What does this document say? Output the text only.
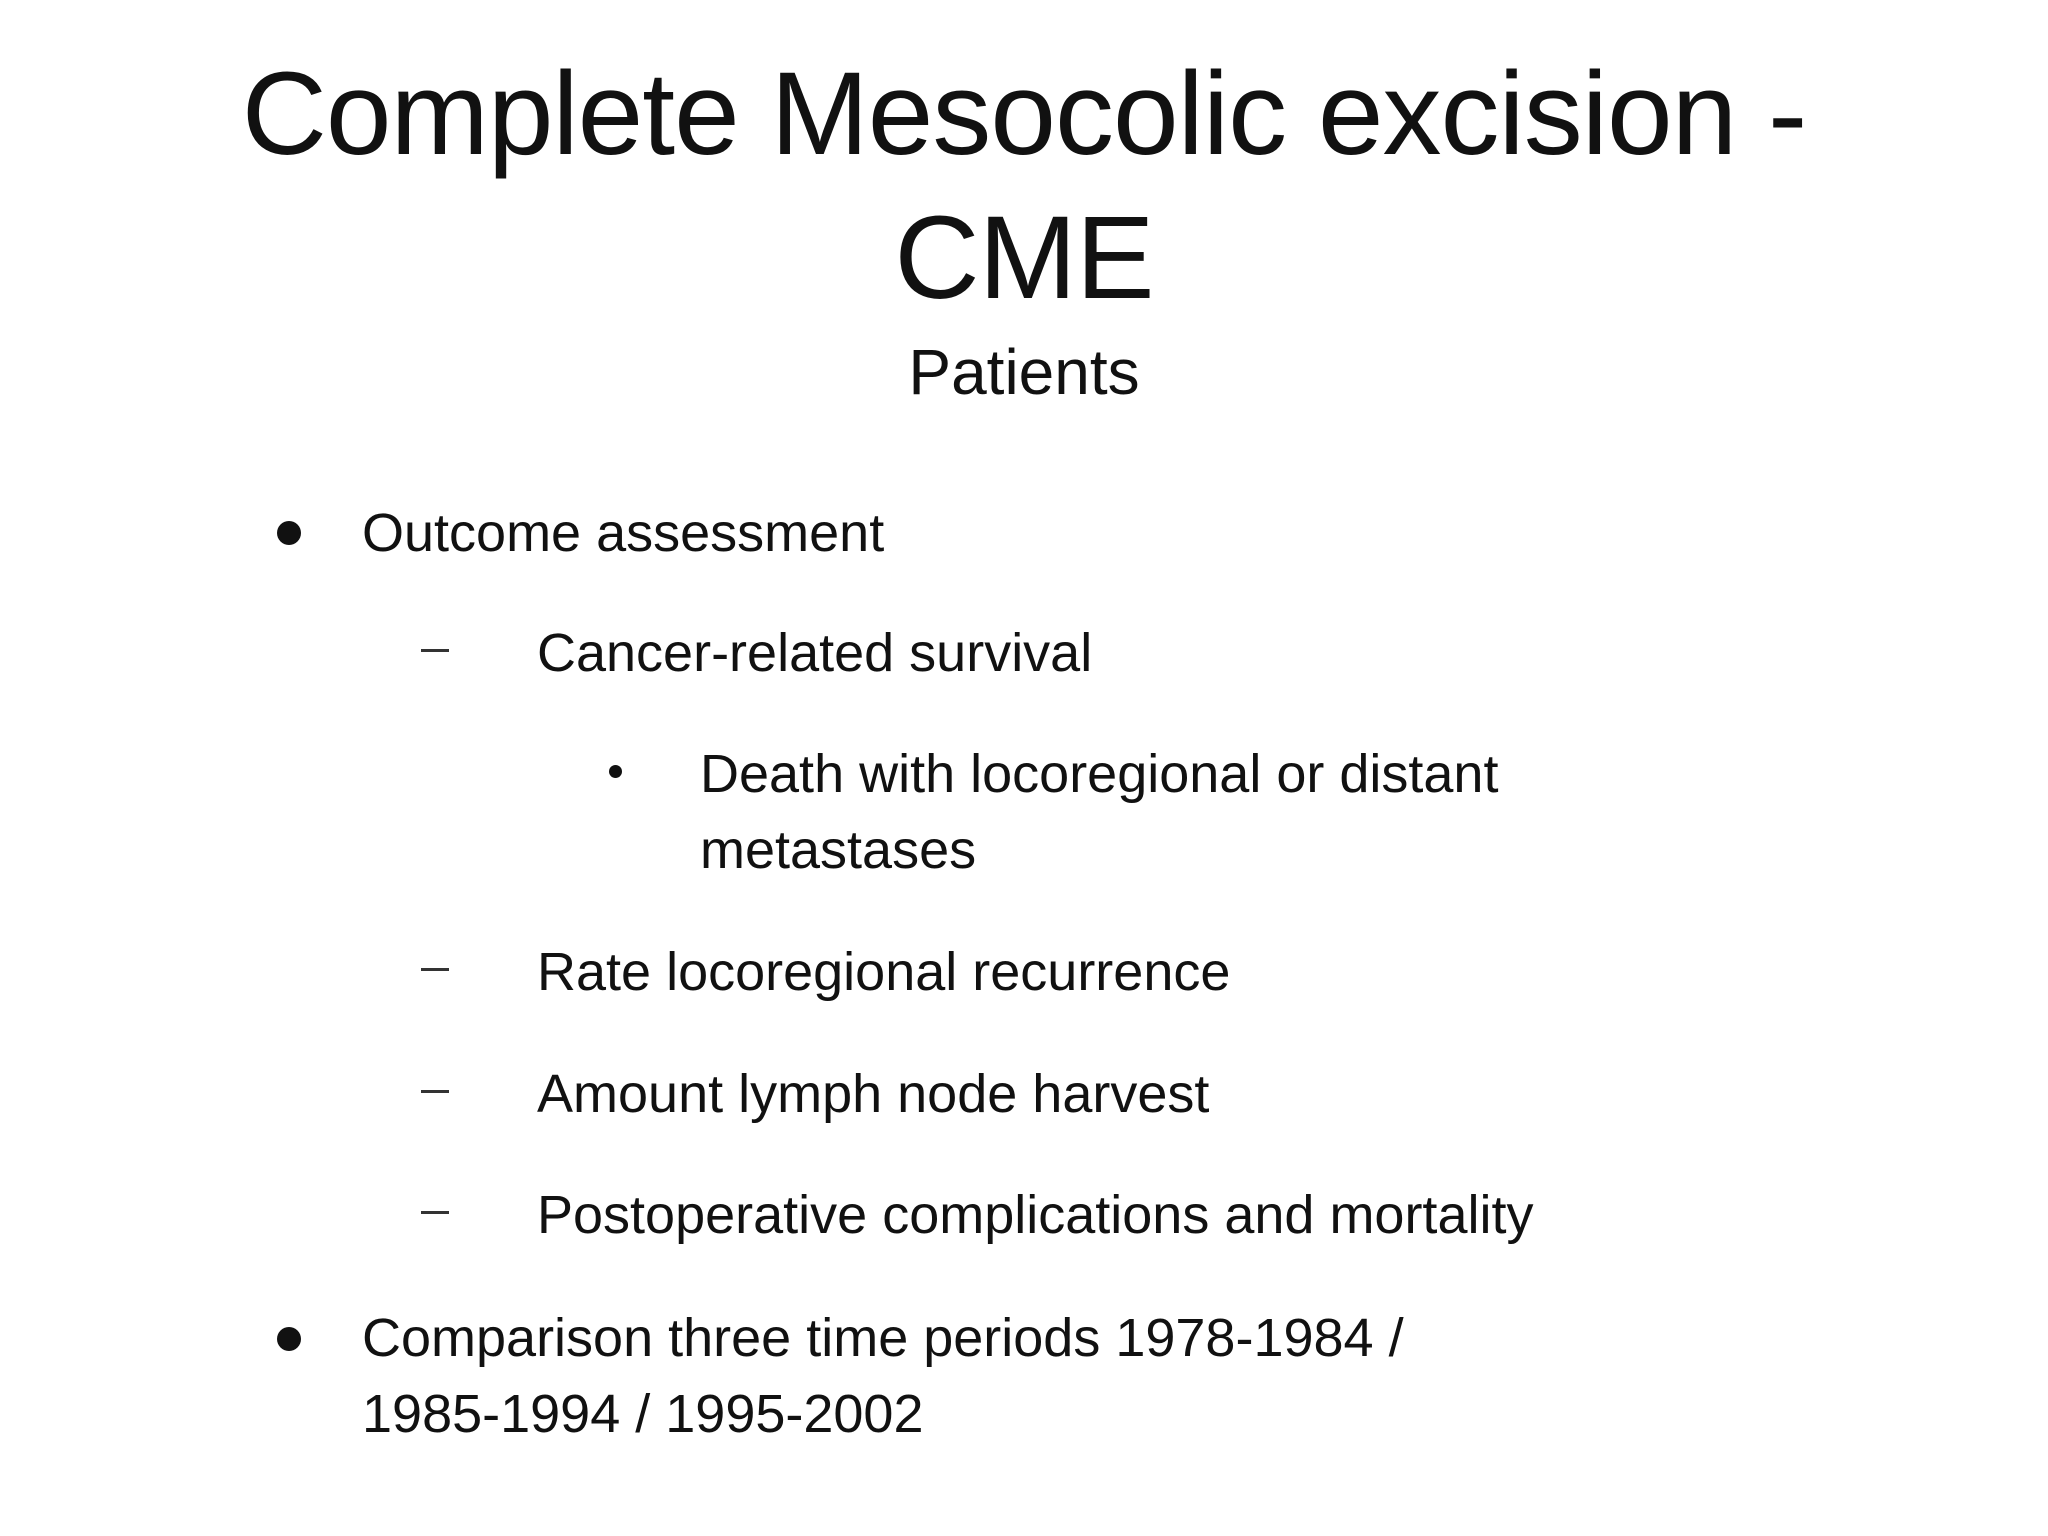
Complete Mesocolic excision -
CME
Patients
Outcome assessment
Cancer-related survival
Death with locoregional or distant
metastases
Rate locoregional recurrence
Amount lymph node harvest
Postoperative complications and mortality
Comparison three time periods 1978-1984 /
1985-1994 / 1995-2002
